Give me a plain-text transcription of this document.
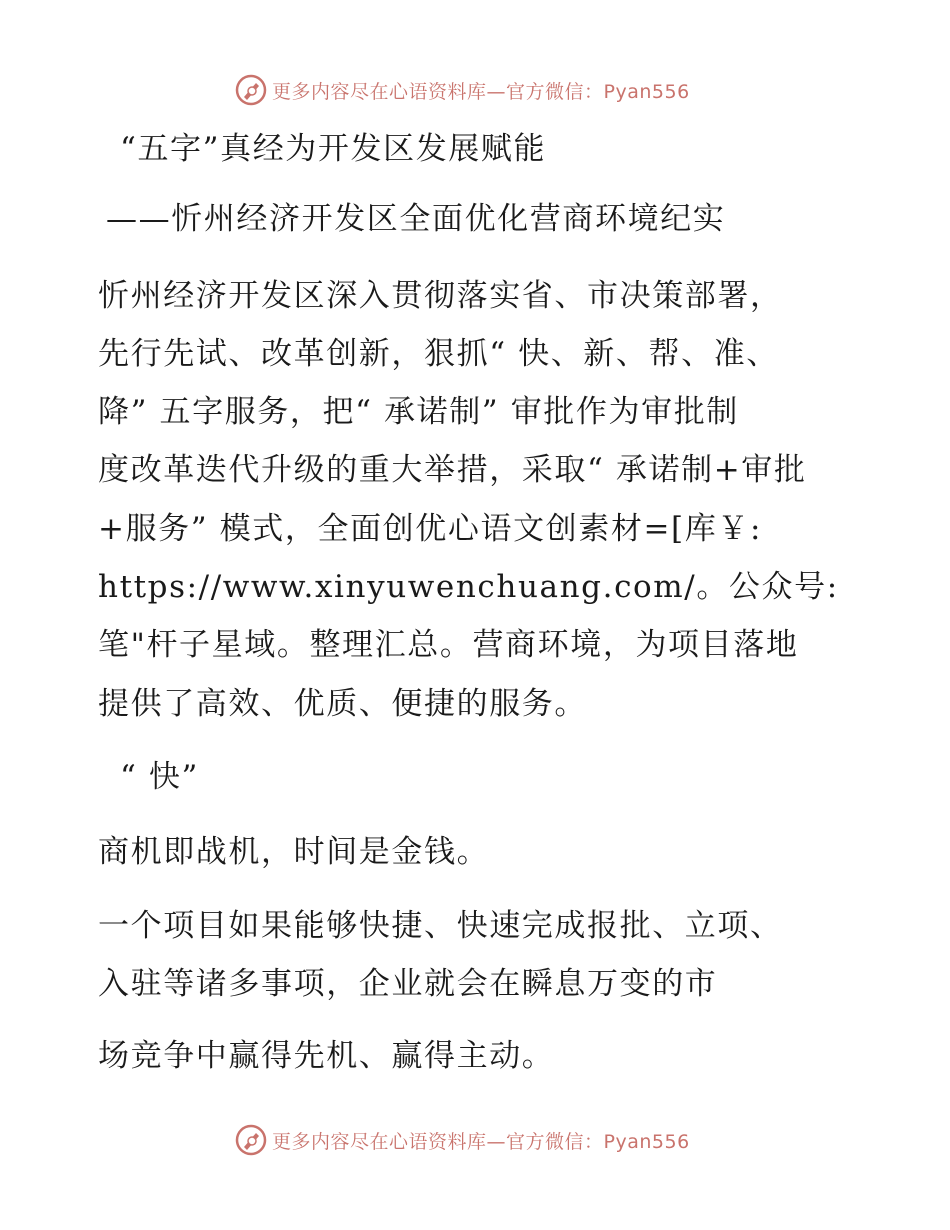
更多内容尽在心语资料库—官方微信：Pyan556
“五字”真经为开发区发展赋能
——忻州经济开发区全面优化营商环境纪实
忻州经济开发区深入贯彻落实省、市决策部署，
先行先试、改革创新，狠抓“ 快、新、帮、准、
降” 五字服务，把“ 承诺制” 审批作为审批制
度改革迭代升级的重大举措，采取“ 承诺制+审批
+服务” 模式，全面创优心语文创素材=[库￥:
https://www.xinyuwenchuang.com/。公众号:
笔"杆子星域。整理汇总。营商环境，为项目落地
提供了高效、优质、便捷的服务。
“ 快”
商机即战机，时间是金钱。
一个项目如果能够快捷、快速完成报批、立项、
入驻等诸多事项，企业就会在瞬息万变的市
场竞争中赢得先机、赢得主动。
更多内容尽在心语资料库—官方微信：Pyan556
